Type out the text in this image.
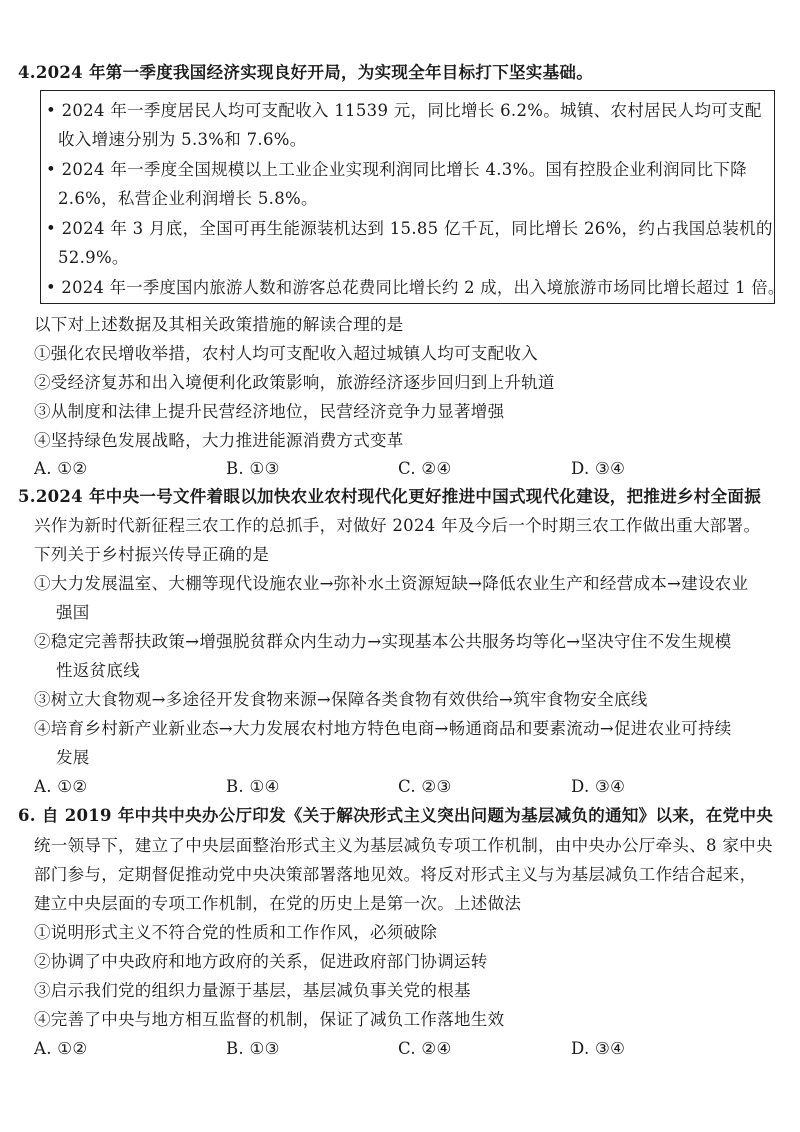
4.2024 年第一季度我国经济实现良好开局，为实现全年目标打下坚实基础。
• 2024 年一季度居民人均可支配收入 11539 元，同比增长 6.2%。城镇、农村居民人均可支配
收入增速分别为 5.3%和 7.6%。
• 2024 年一季度全国规模以上工业企业实现利润同比增长 4.3%。国有控股企业利润同比下降
2.6%，私营企业利润增长 5.8%。
• 2024 年 3 月底，全国可再生能源装机达到 15.85 亿千瓦，同比增长 26%，约占我国总装机的
52.9%。
• 2024 年一季度国内旅游人数和游客总花费同比增长约 2 成，出入境旅游市场同比增长超过 1 倍。
以下对上述数据及其相关政策措施的解读合理的是
①强化农民增收举措，农村人均可支配收入超过城镇人均可支配收入
②受经济复苏和出入境便利化政策影响，旅游经济逐步回归到上升轨道
③从制度和法律上提升民营经济地位，民营经济竞争力显著增强
④坚持绿色发展战略，大力推进能源消费方式变革
A. ①②	B. ①③	C. ②④	D. ③④
5.2024 年中央一号文件着眼以加快农业农村现代化更好推进中国式现代化建设，把推进乡村全面振
兴作为新时代新征程三农工作的总抓手，对做好 2024 年及今后一个时期三农工作做出重大部署。
下列关于乡村振兴传导正确的是
①大力发展温室、大棚等现代设施农业→弥补水土资源短缺→降低农业生产和经营成本→建设农业
强国
②稳定完善帮扶政策→增强脱贫群众内生动力→实现基本公共服务均等化→坚决守住不发生规模
性返贫底线
③树立大食物观→多途径开发食物来源→保障各类食物有效供给→筑牢食物安全底线
④培育乡村新产业新业态→大力发展农村地方特色电商→畅通商品和要素流动→促进农业可持续
发展
A. ①②	B. ①④	C. ②③	D. ③④
6. 自 2019 年中共中央办公厅印发《关于解决形式主义突出问题为基层减负的通知》以来，在党中央
统一领导下，建立了中央层面整治形式主义为基层减负专项工作机制，由中央办公厅牵头、8 家中央
部门参与，定期督促推动党中央决策部署落地见效。将反对形式主义与为基层减负工作结合起来，
建立中央层面的专项工作机制，在党的历史上是第一次。上述做法
①说明形式主义不符合党的性质和工作作风，必须破除
②协调了中央政府和地方政府的关系，促进政府部门协调运转
③启示我们党的组织力量源于基层，基层减负事关党的根基
④完善了中央与地方相互监督的机制，保证了减负工作落地生效
A. ①②	B. ①③	C. ②④	D. ③④
